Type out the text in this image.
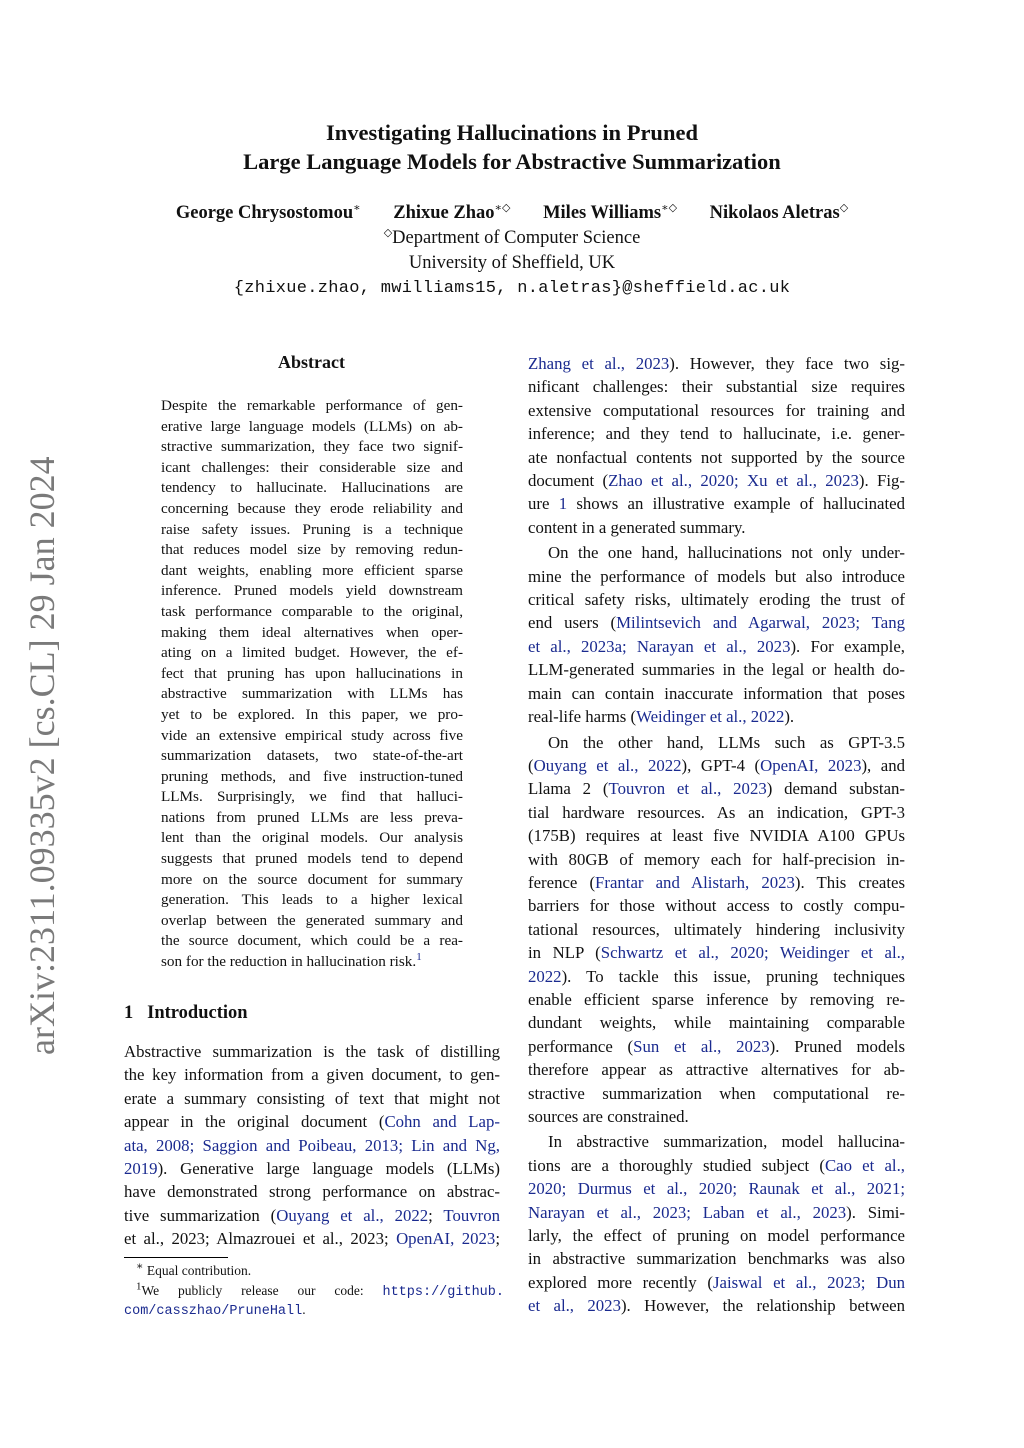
Investigating Hallucinations in Pruned
Large Language Models for Abstractive Summarization
George Chrysostomou∗ Zhixue Zhao∗◇ Miles Williams∗◇ Nikolaos Aletras◇
◇Department of Computer Science
University of Sheffield, UK
{zhixue.zhao, mwilliams15, n.aletras}@sheffield.ac.uk
arXiv:2311.09335v2 [cs.CL] 29 Jan 2024
Abstract
Despite the remarkable performance of gen-
erative large language models (LLMs) on ab-
stractive summarization, they face two signif-
icant challenges: their considerable size and
tendency to hallucinate. Hallucinations are
concerning because they erode reliability and
raise safety issues. Pruning is a technique
that reduces model size by removing redun-
dant weights, enabling more efficient sparse
inference. Pruned models yield downstream
task performance comparable to the original,
making them ideal alternatives when oper-
ating on a limited budget. However, the ef-
fect that pruning has upon hallucinations in
abstractive summarization with LLMs has
yet to be explored. In this paper, we pro-
vide an extensive empirical study across five
summarization datasets, two state-of-the-art
pruning methods, and five instruction-tuned
LLMs. Surprisingly, we find that halluci-
nations from pruned LLMs are less preva-
lent than the original models. Our analysis
suggests that pruned models tend to depend
more on the source document for summary
generation. This leads to a higher lexical
overlap between the generated summary and
the source document, which could be a rea-
son for the reduction in hallucination risk.$^1$
1 Introduction
Abstractive summarization is the task of distilling
the key information from a given document, to gen-
erate a summary consisting of text that might not
appear in the original document (Cohn and Lap-
ata, 2008; Saggion and Poibeau, 2013; Lin and Ng,
2019). Generative large language models (LLMs)
have demonstrated strong performance on abstrac-
tive summarization (Ouyang et al., 2022; Touvron
et al., 2023; Almazrouei et al., 2023; OpenAI, 2023;
∗ Equal contribution.
$^1$We publicly release our code: https://github.
com/casszhao/PruneHall.
Zhang et al., 2023). However, they face two sig-
nificant challenges: their substantial size requires
extensive computational resources for training and
inference; and they tend to hallucinate, i.e. gener-
ate nonfactual contents not supported by the source
document (Zhao et al., 2020; Xu et al., 2023). Fig-
ure 1 shows an illustrative example of hallucinated
content in a generated summary.
On the one hand, hallucinations not only under-
mine the performance of models but also introduce
critical safety risks, ultimately eroding the trust of
end users (Milintsevich and Agarwal, 2023; Tang
et al., 2023a; Narayan et al., 2023). For example,
LLM-generated summaries in the legal or health do-
main can contain inaccurate information that poses
real-life harms (Weidinger et al., 2022).
On the other hand, LLMs such as GPT-3.5
(Ouyang et al., 2022), GPT-4 (OpenAI, 2023), and
Llama 2 (Touvron et al., 2023) demand substan-
tial hardware resources. As an indication, GPT-3
(175B) requires at least five NVIDIA A100 GPUs
with 80GB of memory each for half-precision in-
ference (Frantar and Alistarh, 2023). This creates
barriers for those without access to costly compu-
tational resources, ultimately hindering inclusivity
in NLP (Schwartz et al., 2020; Weidinger et al.,
2022). To tackle this issue, pruning techniques
enable efficient sparse inference by removing re-
dundant weights, while maintaining comparable
performance (Sun et al., 2023). Pruned models
therefore appear as attractive alternatives for ab-
stractive summarization when computational re-
sources are constrained.
In abstractive summarization, model hallucina-
tions are a thoroughly studied subject (Cao et al.,
2020; Durmus et al., 2020; Raunak et al., 2021;
Narayan et al., 2023; Laban et al., 2023). Simi-
larly, the effect of pruning on model performance
in abstractive summarization benchmarks was also
explored more recently (Jaiswal et al., 2023; Dun
et al., 2023). However, the relationship between
